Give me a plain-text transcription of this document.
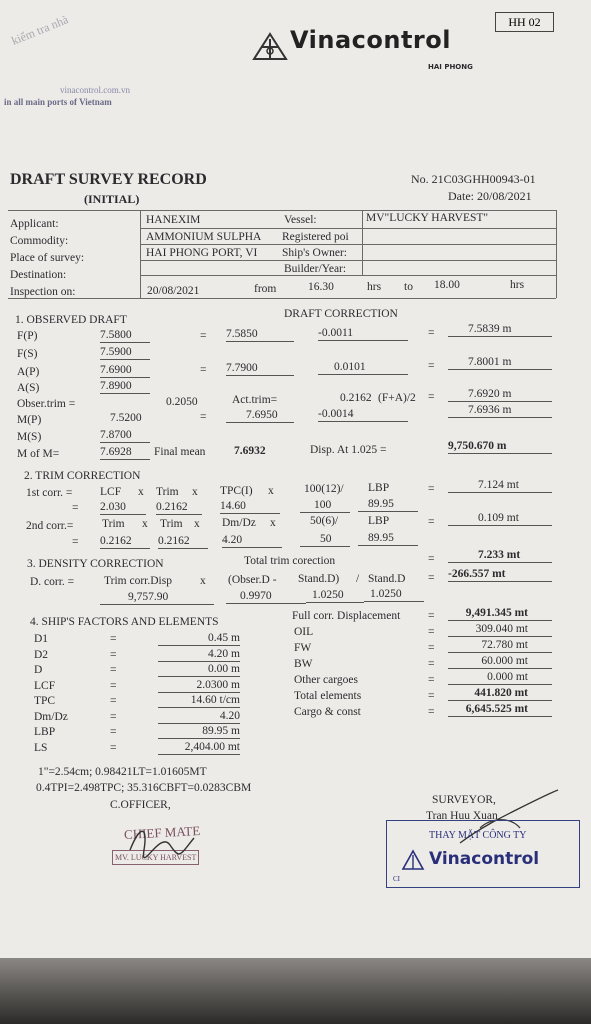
kiểm tra nhà
vinacontrol.com.vn
in all main ports of Vietnam
HH 02
Vinacontrol
HAI PHONG
DRAFT SURVEY RECORD
(INITIAL)
No. 21C03GHH00943-01
Date: 20/08/2021
Applicant:	HANEXIM	Vessel:	MV"LUCKY HARVEST"
Commodity:	AMMONIUM SULPHA Registered poi
Place of survey:	HAI PHONG PORT, VI Ship's Owner:
Destination:	Builder/Year:
Inspection on:	20/08/2021	from	16.30	hrs to 18.00	hrs
1. OBSERVED DRAFT	DRAFT CORRECTION
F(P)	7.5800	= 7.5850	-0.0011	=	7.5839 m
F(S)	7.5900
A(P)	7.6900	= 7.7900	0.0101	=	7.8001 m
A(S)	7.8900
Obser.trim =	0.2050	Act.trim=	0.2162 (F+A)/2 =	7.6920 m
M(P)	7.5200	=	7.6950	-0.0014	7.6936 m
M(S)	7.8700
M of M=	7.6928	Final mean 7.6932	Disp. At 1.025 =	9,750.670 m
2. TRIM CORRECTION
1st corr. = LCF x Trim x TPC(I) x	100(12)/ LBP	=	7.124 mt
= 2.030	0.2162	14.60	100	89.95
2nd corr.= Trim x Trim x Dm/Dz x	50(6)/	LBP	=	0.109 mt
= 0.2162	0.2162	4.20	50	89.95
3. DENSITY CORRECTION	Total trim corection	=	7.233 mt
D. corr. =	Trim corr.Disp x (Obser.D - Stand.D) / Stand.D = -266.557 mt
9,757.90	0.9970	1.0250	1.0250
4. SHIP'S FACTORS AND ELEMENTS
D1	=	0.45 m
D2	=	4.20 m
D	=	0.00 m
LCF	=	2.0300 m
TPC	=	14.60 t/cm
Dm/Dz	=	4.20
LBP	=	89.95 m
LS	=	2,404.00 mt
Full corr. Displacement =	9,491.345 mt
OIL	=	309.040 mt
FW	=	72.780 mt
BW	=	60.000 mt
Other cargoes	=	0.000 mt
Total elements	=	441.820 mt
Cargo & const	=	6,645.525 mt
1"=2.54cm; 0.98421LT=1.01605MT
0.4TPI=2.498TPC; 35.316CBFT=0.0283CBM
C.OFFICER,
CHIEF MATE
MV. LUCKY HARVEST
SURVEYOR,
Tran Huu Xuan
THAY MẶT CÔNG TY
Vinacontrol
CI
